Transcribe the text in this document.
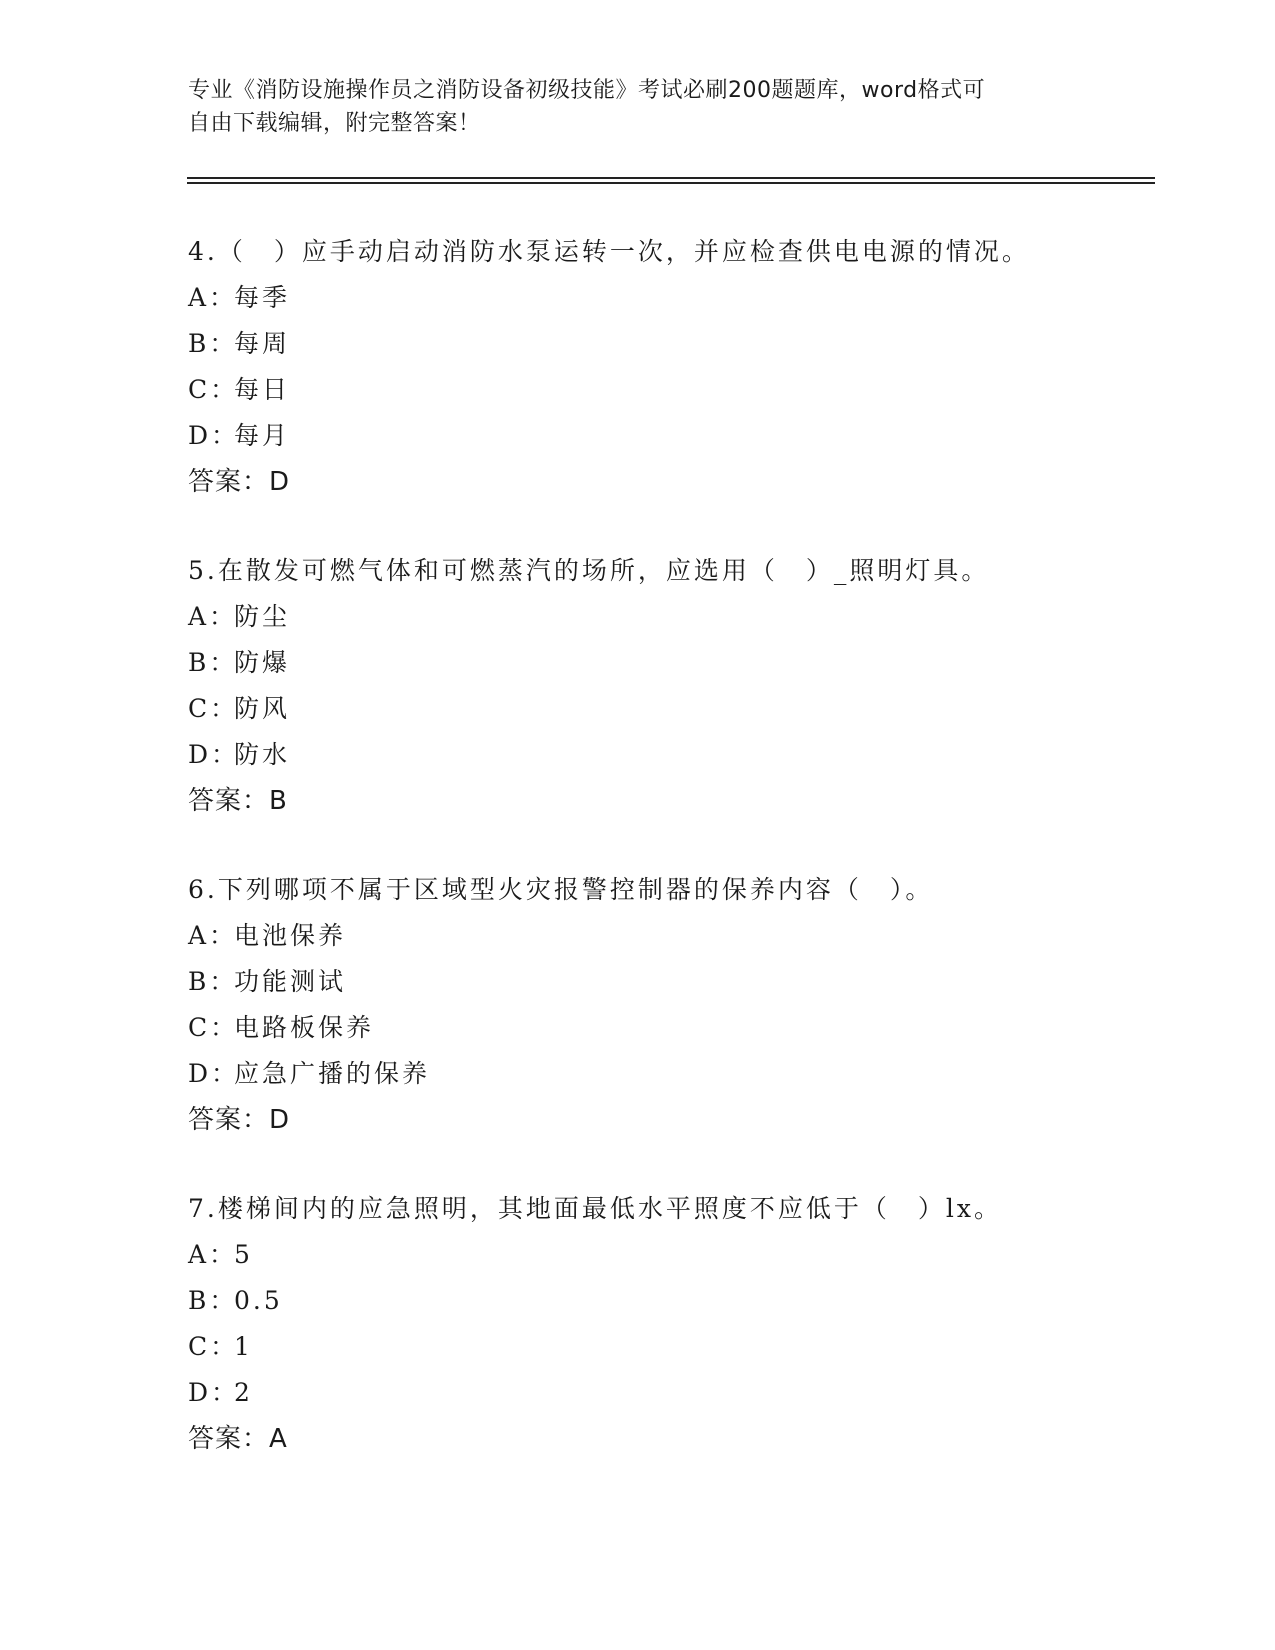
专业《消防设施操作员之消防设备初级技能》考试必刷200题题库，word格式可
自由下载编辑，附完整答案！
4.（　）应手动启动消防水泵运转一次，并应检查供电电源的情况。
A：每季
B：每周
C：每日
D：每月
答案：D
5.在散发可燃气体和可燃蒸汽的场所，应选用（　）_照明灯具。
A：防尘
B：防爆
C：防风
D：防水
答案：B
6.下列哪项不属于区域型火灾报警控制器的保养内容（　）。
A：电池保养
B：功能测试
C：电路板保养
D：应急广播的保养
答案：D
7.楼梯间内的应急照明，其地面最低水平照度不应低于（　）lx。
A：5
B：0.5
C：1
D：2
答案：A
